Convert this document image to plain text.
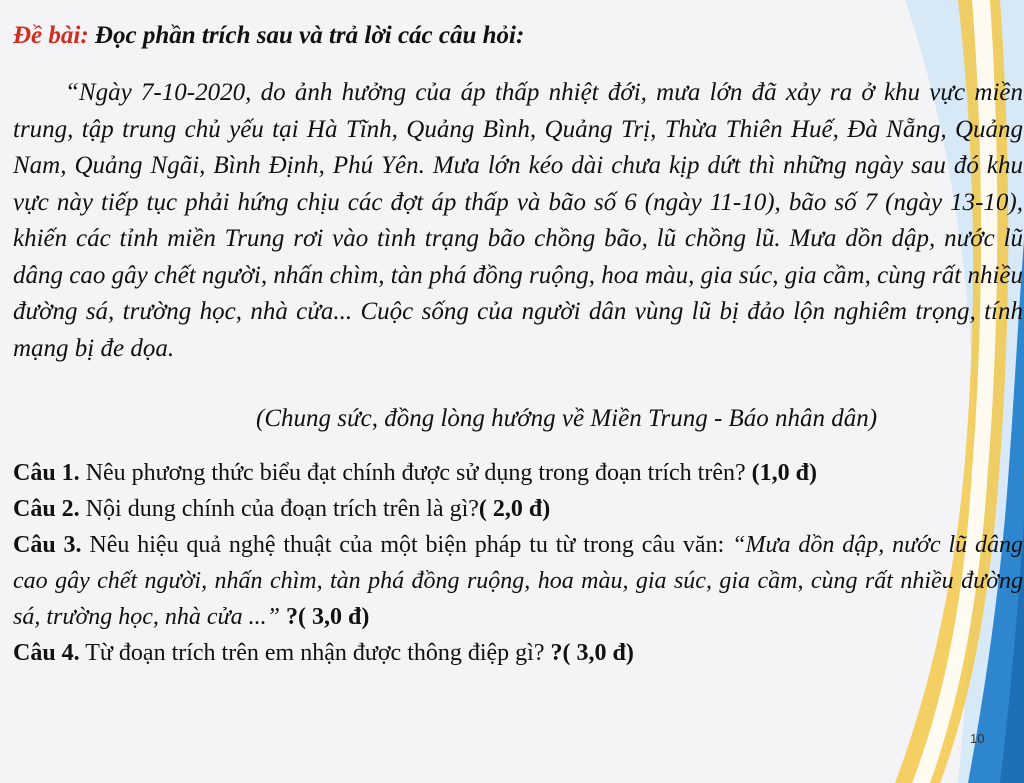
Đề bài: Đọc phần trích sau và trả lời các câu hỏi:

“Ngày 7-10-2020, do ảnh hưởng của áp thấp nhiệt đới, mưa lớn đã xảy ra ở khu vực miền trung, tập trung chủ yếu tại Hà Tĩnh, Quảng Bình, Quảng Trị, Thừa Thiên Huế, Đà Nẵng, Quảng Nam, Quảng Ngãi, Bình Định, Phú Yên. Mưa lớn kéo dài chưa kịp dứt thì những ngày sau đó khu vực này tiếp tục phải hứng chịu các đợt áp thấp và bão số 6 (ngày 11-10), bão số 7 (ngày 13-10), khiến các tỉnh miền Trung rơi vào tình trạng bão chồng bão, lũ chồng lũ. Mưa dồn dập, nước lũ dâng cao gây chết người, nhấn chìm, tàn phá đồng ruộng, hoa màu, gia súc, gia cầm, cùng rất nhiều đường sá, trường học, nhà cửa... Cuộc sống của người dân vùng lũ bị đảo lộn nghiêm trọng, tính mạng bị đe dọa.

(Chung sức, đồng lòng hướng về Miền Trung - Báo nhân dân)

Câu 1. Nêu phương thức biểu đạt chính được sử dụng trong đoạn trích trên? (1,0 đ)

Câu 2. Nội dung chính của đoạn trích trên là gì?( 2,0 đ)

Câu 3. Nêu hiệu quả nghệ thuật của một biện pháp tu từ trong câu văn: “Mưa dồn dập, nước lũ dâng cao gây chết người, nhấn chìm, tàn phá đồng ruộng, hoa màu, gia súc, gia cầm, cùng rất nhiều đường sá, trường học, nhà cửa ...” ?( 3,0 đ)

Câu 4. Từ đoạn trích trên em nhận được thông điệp gì? ?( 3,0 đ)

10
